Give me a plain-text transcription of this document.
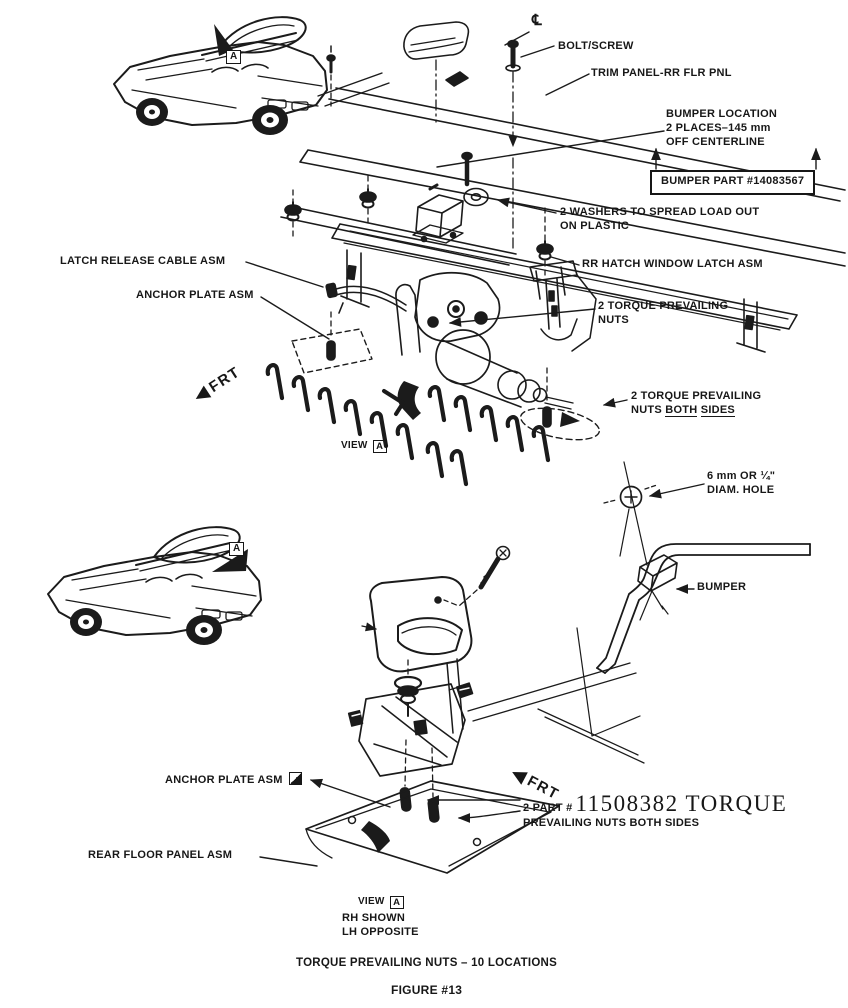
A
A
℄
BOLT/SCREW
TRIM PANEL-RR FLR PNL
BUMPER LOCATION
2 PLACES–145 mm
OFF CENTERLINE
BUMPER PART #14083567
2 WASHERS TO SPREAD LOAD OUT
ON PLASTIC
LATCH RELEASE CABLE ASM	RR HATCH WINDOW LATCH ASM
ANCHOR PLATE ASM
2 TORQUE PREVAILING
NUTS
FRT
2 TORQUE PREVAILING
NUTS BOTH SIDES
VIEW A
6 mm OR ¼"
DIAM. HOLE
BUMPER
ANCHOR PLATE ASM	FRT
2 PART # 11508382 TORQUE
PREVAILING NUTS BOTH SIDES
REAR FLOOR PANEL ASM
VIEW A
RH SHOWN
LH OPPOSITE
TORQUE PREVAILING NUTS – 10 LOCATIONS
FIGURE #13
